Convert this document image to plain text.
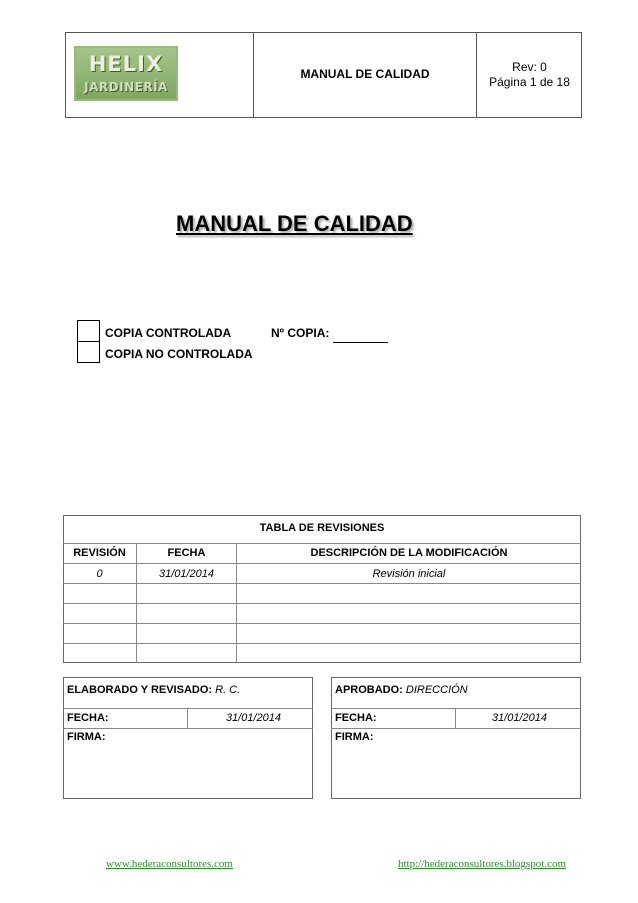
HELIX
JARDINERÍA
MANUAL DE CALIDAD	Rev: 0
Página 1 de 18
MANUAL DE CALIDAD
COPIA CONTROLADA	Nº COPIA:
COPIA NO CONTROLADA
TABLA DE REVISIONES
REVISIÓN	FECHA	DESCRIPCIÓN DE LA MODIFICACIÓN
0	31/01/2014	Revisión inicial
ELABORADO Y REVISADO: R. C.
FECHA:	31/01/2014
FIRMA:
APROBADO: DIRECCIÓN
FECHA:	31/01/2014
FIRMA:
www.hederaconsultores.com	http://hederaconsultores.blogspot.com
